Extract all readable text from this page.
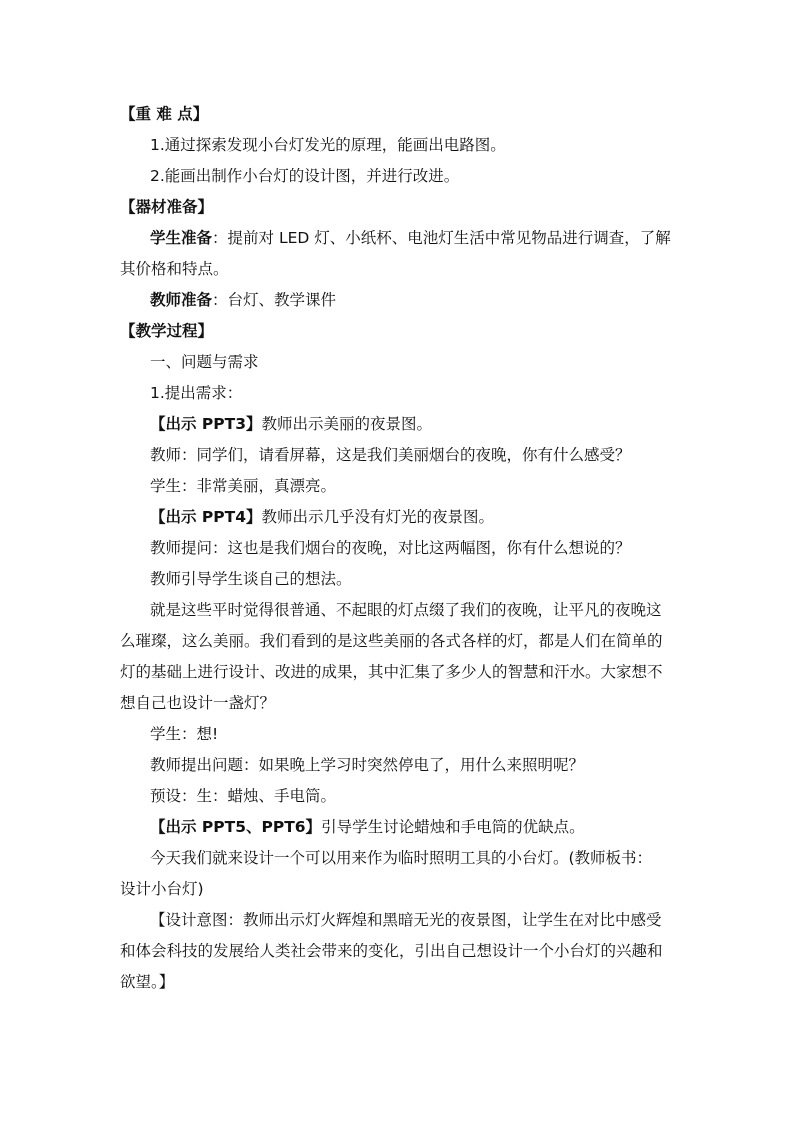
【重 难 点】
1.通过探索发现小台灯发光的原理，能画出电路图。
2.能画出制作小台灯的设计图，并进行改进。
【器材准备】
学生准备：提前对 LED 灯、小纸杯、电池灯生活中常见物品进行调查，了解
其价格和特点。
教师准备：台灯、教学课件
【教学过程】
一、问题与需求
1.提出需求：
【出示 PPT3】教师出示美丽的夜景图。
教师：同学们，请看屏幕，这是我们美丽烟台的夜晚，你有什么感受？
学生：非常美丽，真漂亮。
【出示 PPT4】教师出示几乎没有灯光的夜景图。
教师提问：这也是我们烟台的夜晚，对比这两幅图，你有什么想说的？
教师引导学生谈自己的想法。
就是这些平时觉得很普通、不起眼的灯点缀了我们的夜晚，让平凡的夜晚这
么璀璨，这么美丽。我们看到的是这些美丽的各式各样的灯，都是人们在简单的
灯的基础上进行设计、改进的成果，其中汇集了多少人的智慧和汗水。大家想不
想自己也设计一盏灯？
学生：想!
教师提出问题：如果晚上学习时突然停电了，用什么来照明呢？
预设：生：蜡烛、手电筒。
【出示 PPT5、PPT6】引导学生讨论蜡烛和手电筒的优缺点。
今天我们就来设计一个可以用来作为临时照明工具的小台灯。(教师板书：
设计小台灯)
【设计意图：教师出示灯火辉煌和黑暗无光的夜景图，让学生在对比中感受
和体会科技的发展给人类社会带来的变化，引出自己想设计一个小台灯的兴趣和
欲望。】
